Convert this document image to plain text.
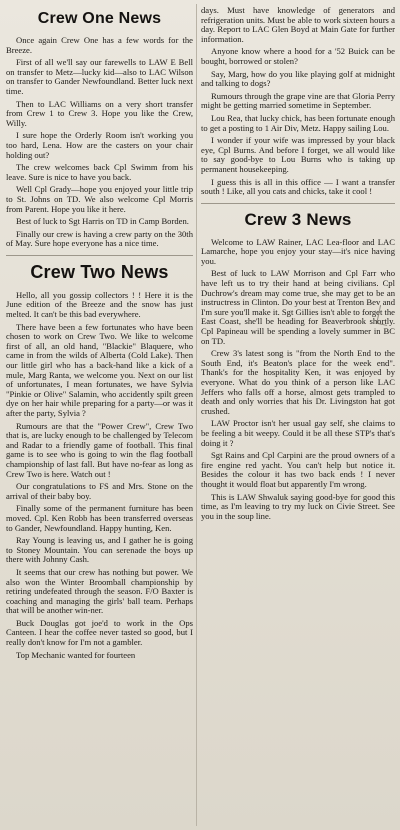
Crew One News

Once again Crew One has a few words for the Breeze.

First of all we'll say our farewells to LAW E Bell on transfer to Metz—lucky kid—also to LAC Wilson on transfer to Gander Newfoundland. Better luck next time.

Then to LAC Williams on a very short transfer from Crew 1 to Crew 3. Hope you like the Crew, Willy.

I sure hope the Orderly Room isn't working you too hard, Lena. How are the casters on your chair holding out?

The crew welcomes back Cpl Swimm from his leave. Sure is nice to have you back.

Well Cpl Grady—hope you enjoyed your little trip to St. Johns on TD. We also welcome Cpl Morris from Parent. Hope you like it here.

Best of luck to Sgt Harris on TD in Camp Borden.

Finally our crew is having a crew party on the 30th of May. Sure hope everyone has a nice time.

Crew Two News

Hello, all you gossip collectors ! ! Here it is the June edition of the Breeze and the snow has just melted. It can't be this bad everywhere.

There have been a few fortunates who have been chosen to work on Crew Two. We like to welcome first of all, an old hand, "Blackie" Blaquere, who came in from the wilds of Alberta (Cold Lake). Then our little girl who has a back-hand like a kick of a mule, Marg Ranta, we welcome you. Next on our list of unfortunates, I mean fortunates, we have Sylvia "Pinkie or Olive" Salamin, who accidently spilt green dye on her hair while preparing for a party—or was it after the party, Sylvia ?

Rumours are that the "Power Crew", Crew Two that is, are lucky enough to be challenged by Telecom and Radar to a friendly game of football. This final game is to see who is going to win the flag football championship of last fall. But have no-fear as long as Crew Two is here. Watch out !

Our congratulations to FS and Mrs. Stone on the arrival of their baby boy.

Finally some of the permanent furniture has been moved. Cpl. Ken Robb has been transferred overseas to Gander, Newfoundland. Happy hunting, Ken.

Ray Young is leaving us, and I gather he is going to Stoney Mountain. You can serenade the boys up there with Johnny Cash.

It seems that our crew has nothing but power. We also won the Winter Broomball championship by retiring undefeated through the season. F/O Baxter is coaching and managing the girls' ball team. Perhaps that will be another win-ner.

Buck Douglas got joe'd to work in the Ops Canteen. I hear the coffee never tasted so good, but I really don't know for I'm not a gambler.

Top Mechanic wanted for fourteen

days. Must have knowledge of generators and refrigeration units. Must be able to work sixteen hours a day. Report to LAC Glen Boyd at Main Gate for further information.

Anyone know where a hood for a '52 Buick can be bought, borrowed or stolen?

Say, Marg, how do you like playing golf at midnight and talking to dogs?

Rumours through the grape vine are that Gloria Perry might be getting married sometime in September.

Lou Rea, that lucky chick, has been fortunate enough to get a posting to 1 Air Div, Metz. Happy sailing Lou.

I wonder if your wife was impressed by your black eye, Cpl Burns. And before I forget, we all would like to say good-bye to Lou Burns who is taking up permanent housekeeping.

I guess this is all in this office — I want a transfer south ! Like, all you cats and chicks, take it cool !

Crew 3 News

Welcome to LAW Rainer, LAC Lea-floor and LAC Lamarche, hope you enjoy your stay—it's nice having you.

Best of luck to LAW Morrison and Cpl Farr who have left us to try their hand at being civilians. Cpl Duchrow's dream may come true, she may get to be an instructress in Clinton. Do your best at Trenton Bev and I'm sure you'll make it. Sgt Gillies isn't able to forget the East Coast, she'll be heading for Beaverbrook shortly. Cpl Papineau will be spending a lovely summer in BC on TD.

Crew 3's latest song is "from the North End to the South End, it's Beaton's place for the week end". Thank's for the hospitality Ken, it was enjoyed by everyone. What do you think of a person like LAC Jeffers who falls off a horse, almost gets trampled to death and only worries that his Dr. Livingston hat got crushed.

LAW Proctor isn't her usual gay self, she claims to be feeling a bit weepy. Could it be all these STP's that's doing it ?

Sgt Rains and Cpl Carpini are the proud owners of a fire engine red yacht. You can't help but notice it. Besides the colour it has two back ends ! I never thought it would float but apparently I'm wrong.

This is LAW Shwaluk saying good-bye for good this time, as I'm leaving to try my luck on Civie Street. See you in the soup line.
